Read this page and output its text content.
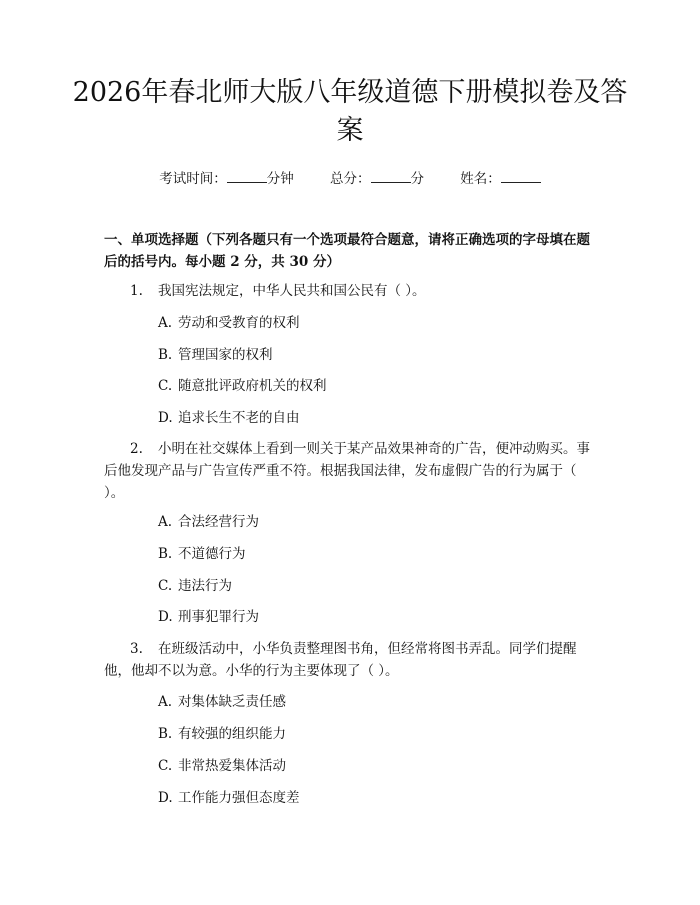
2026年春北师大版八年级道德下册模拟卷及答案
考试时间：	分钟	总分：	分	姓名：

一、单项选择题（下列各题只有一个选项最符合题意，请将正确选项的字母填在题后的括号内。每小题 2 分，共 30 分）

1. 我国宪法规定，中华人民共和国公民有（ ）。

A. 劳动和受教育的权利
B. 管理国家的权利
C. 随意批评政府机关的权利
D. 追求长生不老的自由

2. 小明在社交媒体上看到一则关于某产品效果神奇的广告，便冲动购买。事后他发现产品与广告宣传严重不符。根据我国法律，发布虚假广告的行为属于（ ）。

A. 合法经营行为
B. 不道德行为
C. 违法行为
D. 刑事犯罪行为

3. 在班级活动中，小华负责整理图书角，但经常将图书弄乱。同学们提醒他，他却不以为意。小华的行为主要体现了（ ）。

A. 对集体缺乏责任感
B. 有较强的组织能力
C. 非常热爱集体活动
D. 工作能力强但态度差
